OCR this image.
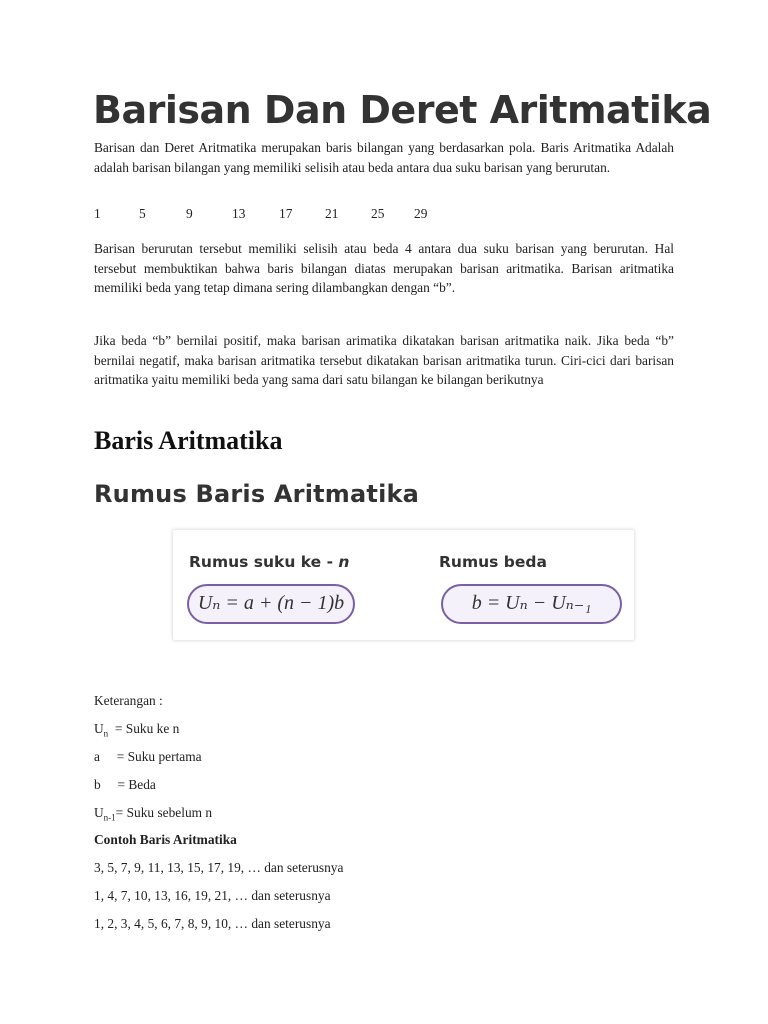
Barisan Dan Deret Aritmatika

Barisan dan Deret Aritmatika merupakan baris bilangan yang berdasarkan pola. Baris Aritmatika Adalah adalah barisan bilangan yang memiliki selisih atau beda antara dua suku barisan yang berurutan.

1	5	9	13	17 21 25 29

Barisan berurutan tersebut memiliki selisih atau beda 4 antara dua suku barisan yang berurutan. Hal tersebut membuktikan bahwa baris bilangan diatas merupakan barisan aritmatika. Barisan aritmatika memiliki beda yang tetap dimana sering dilambangkan dengan “b”.

Jika beda “b” bernilai positif, maka barisan arimatika dikatakan barisan aritmatika naik. Jika beda “b” bernilai negatif, maka barisan aritmatika tersebut dikatakan barisan aritmatika turun. Ciri-cici dari barisan aritmatika yaitu memiliki beda yang sama dari satu bilangan ke bilangan berikutnya

Baris Aritmatika
Rumus Baris Aritmatika
Rumus suku ke - n	Rumus beda
Uₙ = a + (n − 1)b	b = Uₙ − Uₙ₋₁
Keterangan :
$U_n$  = Suku ke n
a     = Suku pertama
b     = Beda
$U_{n-1}=$ Suku sebelum n
Contoh Baris Aritmatika
3, 5, 7, 9, 11, 13, 15, 17, 19, … dan seterusnya
1, 4, 7, 10, 13, 16, 19, 21, … dan seterusnya
1, 2, 3, 4, 5, 6, 7, 8, 9, 10, … dan seterusnya
